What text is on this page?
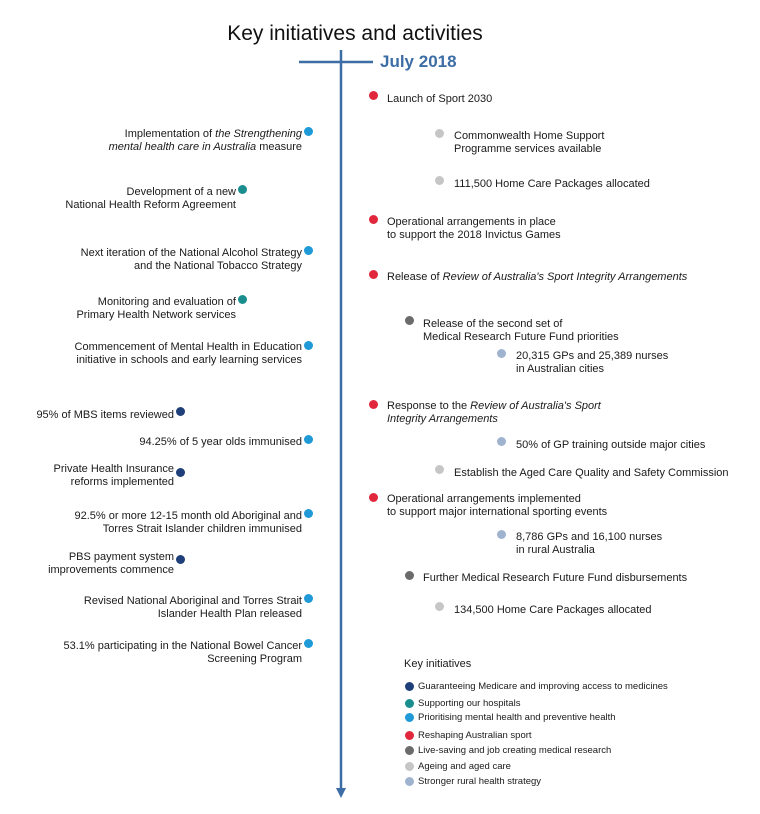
Key initiatives and activities
July 2018
Implementation of the Strengthening
mental health care in Australia measure
Development of a new
National Health Reform Agreement
Next iteration of the National Alcohol Strategy
and the National Tobacco Strategy
Monitoring and evaluation of
Primary Health Network services
Commencement of Mental Health in Education
initiative in schools and early learning services
95% of MBS items reviewed
94.25% of 5 year olds immunised
Private Health Insurance
reforms implemented
92.5% or more 12-15 month old Aboriginal and
Torres Strait Islander children immunised
PBS payment system
improvements commence
Revised National Aboriginal and Torres Strait
Islander Health Plan released
53.1% participating in the National Bowel Cancer
Screening Program
Launch of Sport 2030
Commonwealth Home Support
Programme services available
111,500 Home Care Packages allocated
Operational arrangements in place
to support the 2018 Invictus Games
Release of Review of Australia's Sport Integrity Arrangements
Release of the second set of
Medical Research Future Fund priorities
20,315 GPs and 25,389 nurses
in Australian cities
Response to the Review of Australia's Sport
Integrity Arrangements
50% of GP training outside major cities
Establish the Aged Care Quality and Safety Commission
Operational arrangements implemented
to support major international sporting events
8,786 GPs and 16,100 nurses
in rural Australia
Further Medical Research Future Fund disbursements
134,500 Home Care Packages allocated
Key initiatives
Guaranteeing Medicare and improving access to medicines
Supporting our hospitals
Prioritising mental health and preventive health
Reshaping Australian sport
Live-saving and job creating medical research
Ageing and aged care
Stronger rural health strategy
